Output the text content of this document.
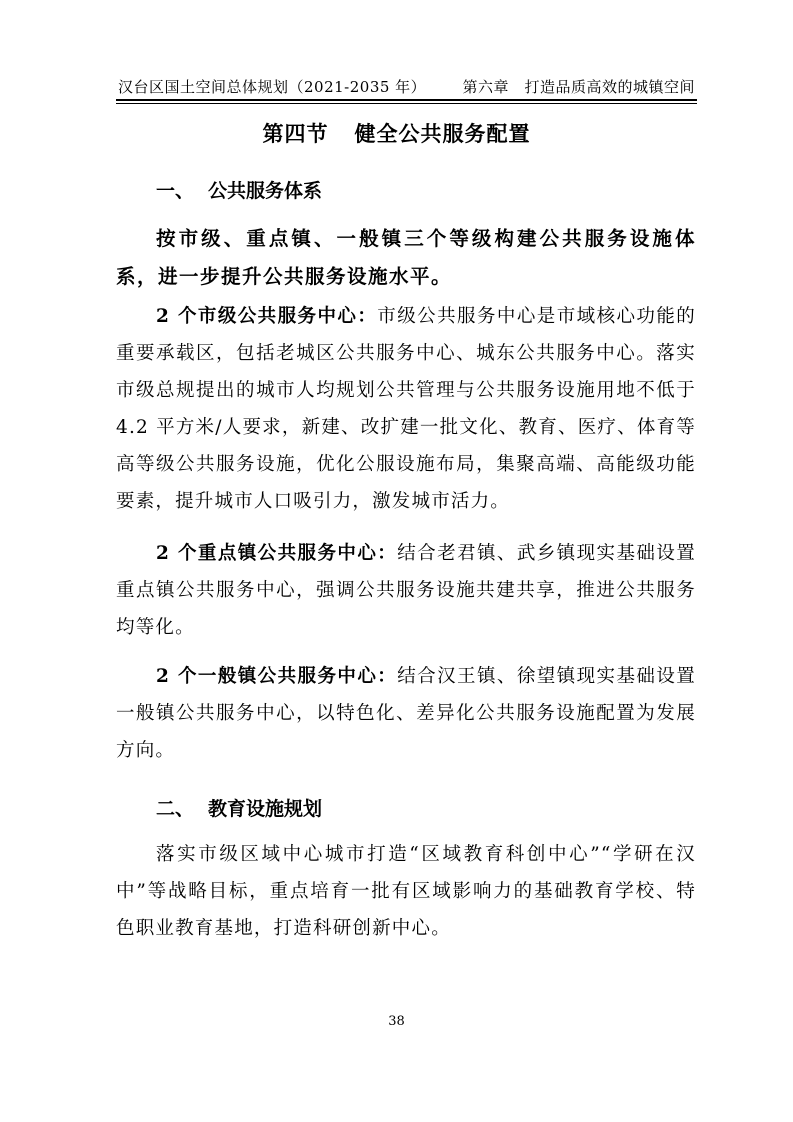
汉台区国土空间总体规划（2021-2035 年） 第六章　打造品质高效的城镇空间
第四节 健全公共服务配置
一、 公共服务体系
按市级、重点镇、一般镇三个等级构建公共服务设施体系，进一步提升公共服务设施水平。

2 个市级公共服务中心：市级公共服务中心是市域核心功能的重要承载区，包括老城区公共服务中心、城东公共服务中心。落实市级总规提出的城市人均规划公共管理与公共服务设施用地不低于4.2 平方米/人要求，新建、改扩建一批文化、教育、医疗、体育等高等级公共服务设施，优化公服设施布局，集聚高端、高能级功能要素，提升城市人口吸引力，激发城市活力。

2 个重点镇公共服务中心：结合老君镇、武乡镇现实基础设置重点镇公共服务中心，强调公共服务设施共建共享，推进公共服务均等化。

2 个一般镇公共服务中心：结合汉王镇、徐望镇现实基础设置一般镇公共服务中心，以特色化、差异化公共服务设施配置为发展方向。

二、 教育设施规划

落实市级区域中心城市打造“区域教育科创中心”“学研在汉中”等战略目标，重点培育一批有区域影响力的基础教育学校、特色职业教育基地，打造科研创新中心。

38
